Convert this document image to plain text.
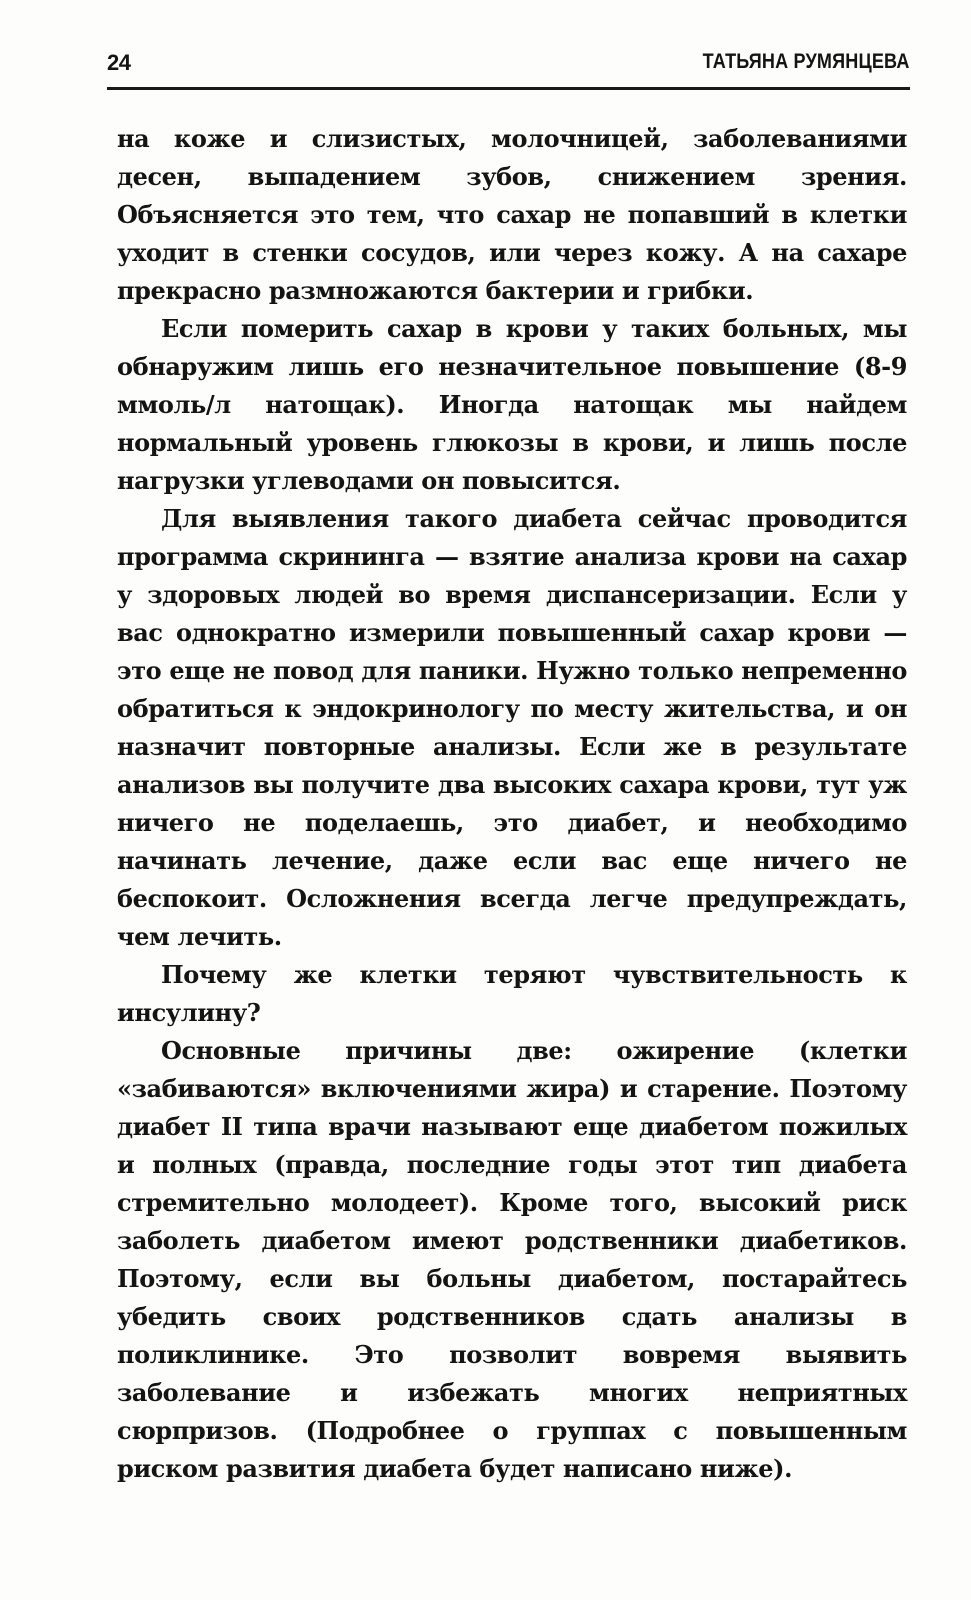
24	ТАТЬЯНА РУМЯНЦЕВА

на коже и слизистых, молочницей, заболеваниями десен, выпадением зубов, снижением зрения. Объясняется это тем, что сахар не попавший в клетки уходит в стенки сосудов, или через кожу. А на сахаре прекрасно размножаются бактерии и грибки.

Если померить сахар в крови у таких больных, мы обнаружим лишь его незначительное повышение (8-9 ммоль/л натощак). Иногда натощак мы найдем нормальный уровень глюкозы в крови, и лишь после нагрузки углеводами он повысится.

Для выявления такого диабета сейчас проводится программа скрининга — взятие анализа крови на сахар у здоровых людей во время диспансеризации. Если у вас однократно измерили повышенный сахар крови — это еще не повод для паники. Нужно только непременно обратиться к эндокринологу по месту жительства, и он назначит повторные анализы. Если же в результате анализов вы получите два высоких сахара крови, тут уж ничего не поделаешь, это диабет, и необходимо начинать лечение, даже если вас еще ничего не беспокоит. Осложнения всегда легче предупреждать, чем лечить.

Почему же клетки теряют чувствительность к инсулину?

Основные причины две: ожирение (клетки «забиваются» включениями жира) и старение. Поэтому диабет II типа врачи называют еще диабетом пожилых и полных (правда, последние годы этот тип диабета стремительно молодеет). Кроме того, высокий риск заболеть диабетом имеют родственники диабетиков. Поэтому, если вы больны диабетом, постарайтесь убедить своих родственников сдать анализы в поликлинике. Это позволит вовремя выявить заболевание и избежать многих неприятных сюрпризов. (Подробнее о группах с повышенным риском развития диабета будет написано ниже).
